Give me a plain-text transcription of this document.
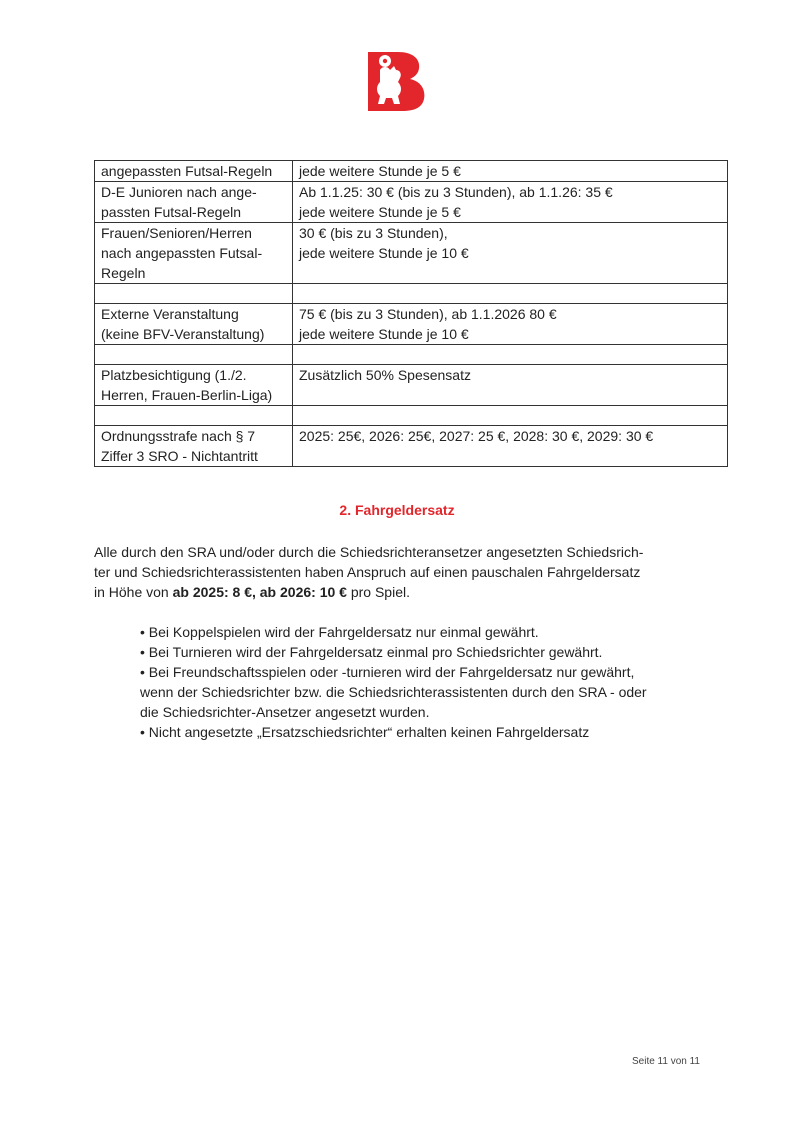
angepassten Futsal-Regeln	jede weitere Stunde je 5 €

D-E Junioren nach ange-
passten Futsal-Regeln	Ab 1.1.25: 30 € (bis zu 3 Stunden), ab 1.1.26: 35 €
jede weitere Stunde je 5 €

Frauen/Senioren/Herren
nach angepassten Futsal-
Regeln	30 € (bis zu 3 Stunden),
jede weitere Stunde je 10 €

Externe Veranstaltung
(keine BFV-Veranstaltung)	75 € (bis zu 3 Stunden), ab 1.1.2026 80 €
jede weitere Stunde je 10 €

Platzbesichtigung (1./2.
Herren, Frauen-Berlin-Liga)	Zusätzlich 50% Spesensatz

Ordnungsstrafe nach § 7
Ziffer 3 SRO - Nichtantritt	2025: 25€, 2026: 25€, 2027: 25 €, 2028: 30 €, 2029: 30 €
2. Fahrgeldersatz
Alle durch den SRA und/oder durch die Schiedsrichteransetzer angesetzten Schiedsrich-
ter und Schiedsrichterassistenten haben Anspruch auf einen pauschalen Fahrgeldersatz
in Höhe von ab 2025: 8 €, ab 2026: 10 € pro Spiel.
• Bei Koppelspielen wird der Fahrgeldersatz nur einmal gewährt.
• Bei Turnieren wird der Fahrgeldersatz einmal pro Schiedsrichter gewährt.
• Bei Freundschaftsspielen oder -turnieren wird der Fahrgeldersatz nur gewährt,
wenn der Schiedsrichter bzw. die Schiedsrichterassistenten durch den SRA - oder
die Schiedsrichter-Ansetzer angesetzt wurden.
• Nicht angesetzte „Ersatzschiedsrichter“ erhalten keinen Fahrgeldersatz
Seite 11 von 11
